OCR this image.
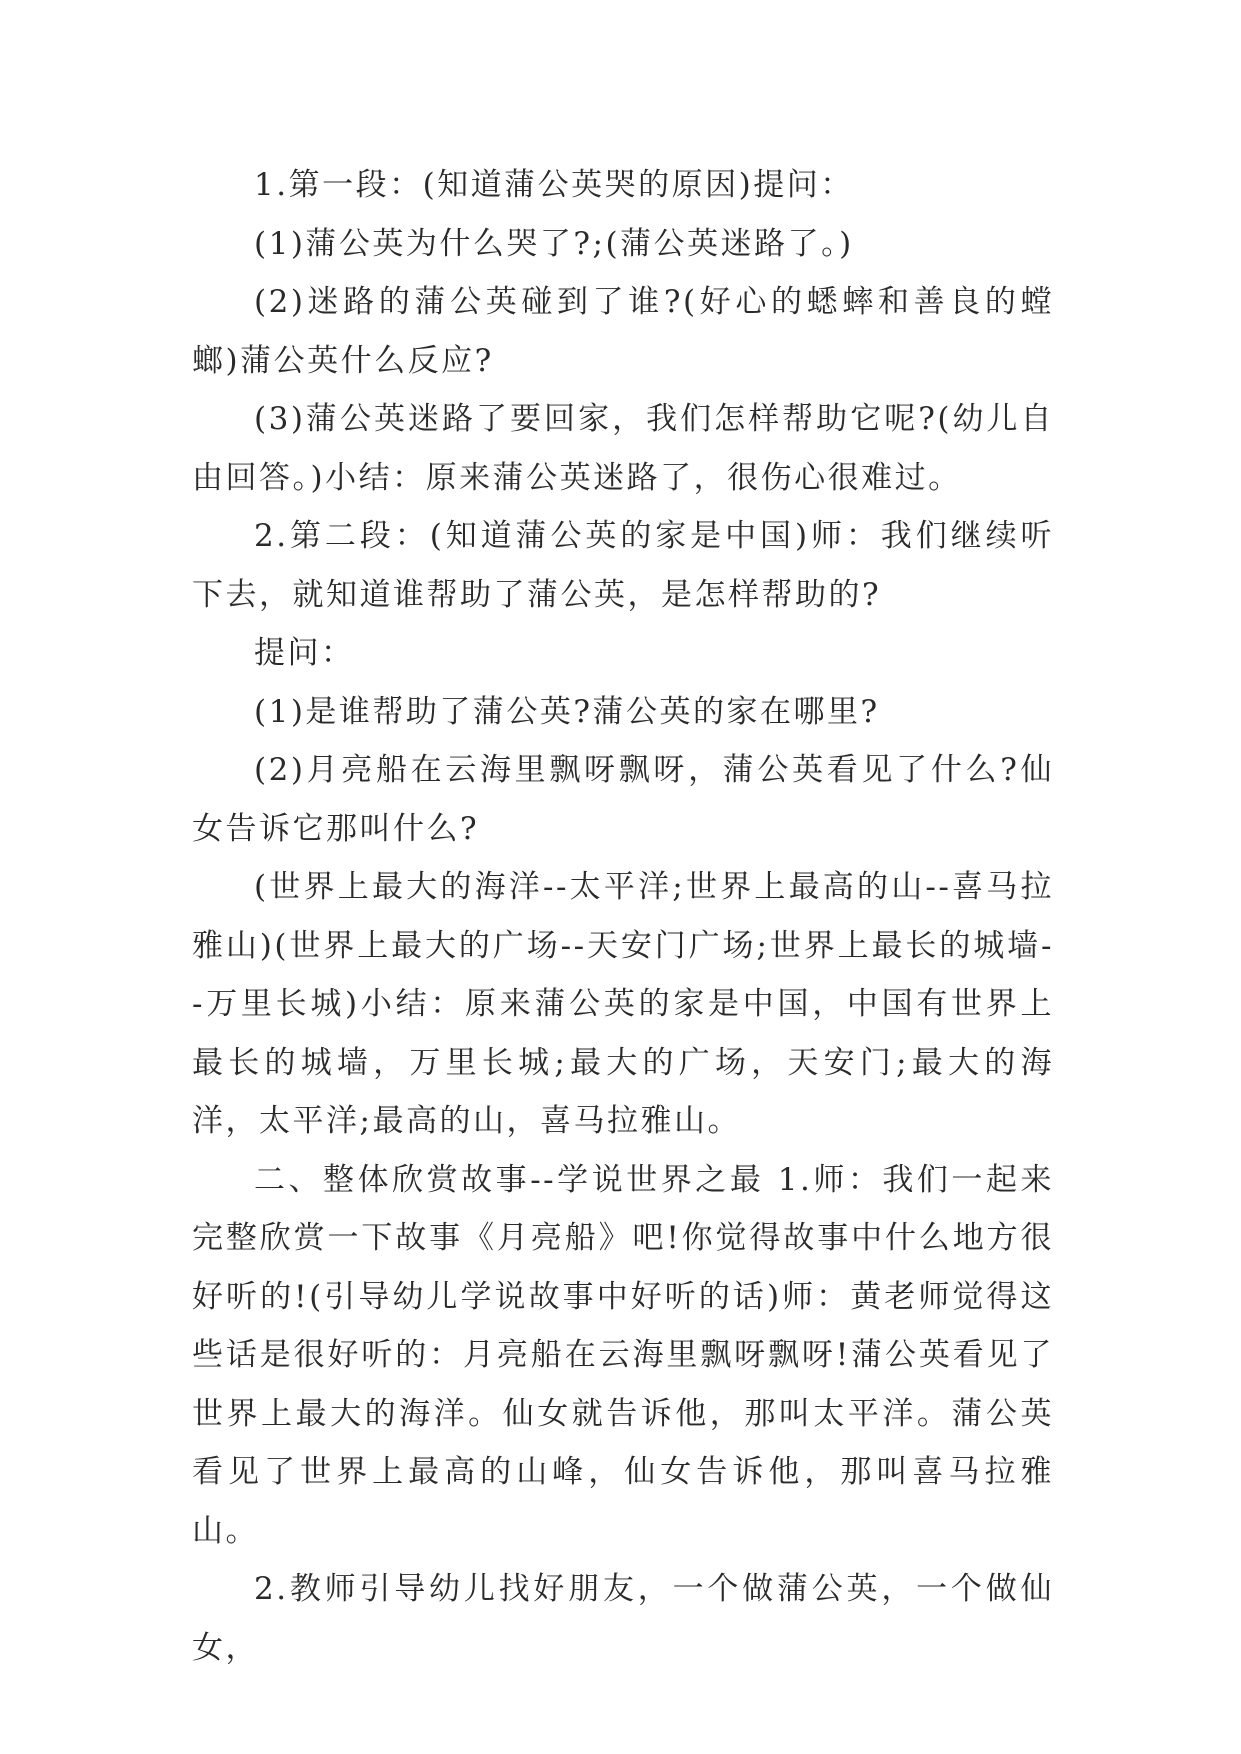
1.第一段：(知道蒲公英哭的原因)提问：

(1)蒲公英为什么哭了?;(蒲公英迷路了。)

(2)迷路的蒲公英碰到了谁?(好心的蟋蟀和善良的螳螂)蒲公英什么反应?

(3)蒲公英迷路了要回家，我们怎样帮助它呢?(幼儿自由回答。)小结：原来蒲公英迷路了，很伤心很难过。

2.第二段：(知道蒲公英的家是中国)师：我们继续听下去，就知道谁帮助了蒲公英，是怎样帮助的?

提问：

(1)是谁帮助了蒲公英?蒲公英的家在哪里?

(2)月亮船在云海里飘呀飘呀，蒲公英看见了什么?仙女告诉它那叫什么?

(世界上最大的海洋--太平洋;世界上最高的山--喜马拉雅山)(世界上最大的广场--天安门广场;世界上最长的城墙--万里长城)小结：原来蒲公英的家是中国，中国有世界上最长的城墙，万里长城;最大的广场，天安门;最大的海洋，太平洋;最高的山，喜马拉雅山。

二、整体欣赏故事--学说世界之最 1.师：我们一起来完整欣赏一下故事《月亮船》吧!你觉得故事中什么地方很好听的!(引导幼儿学说故事中好听的话)师：黄老师觉得这些话是很好听的：月亮船在云海里飘呀飘呀!蒲公英看见了世界上最大的海洋。仙女就告诉他，那叫太平洋。蒲公英看见了世界上最高的山峰，仙女告诉他，那叫喜马拉雅山。

2.教师引导幼儿找好朋友，一个做蒲公英，一个做仙女，
